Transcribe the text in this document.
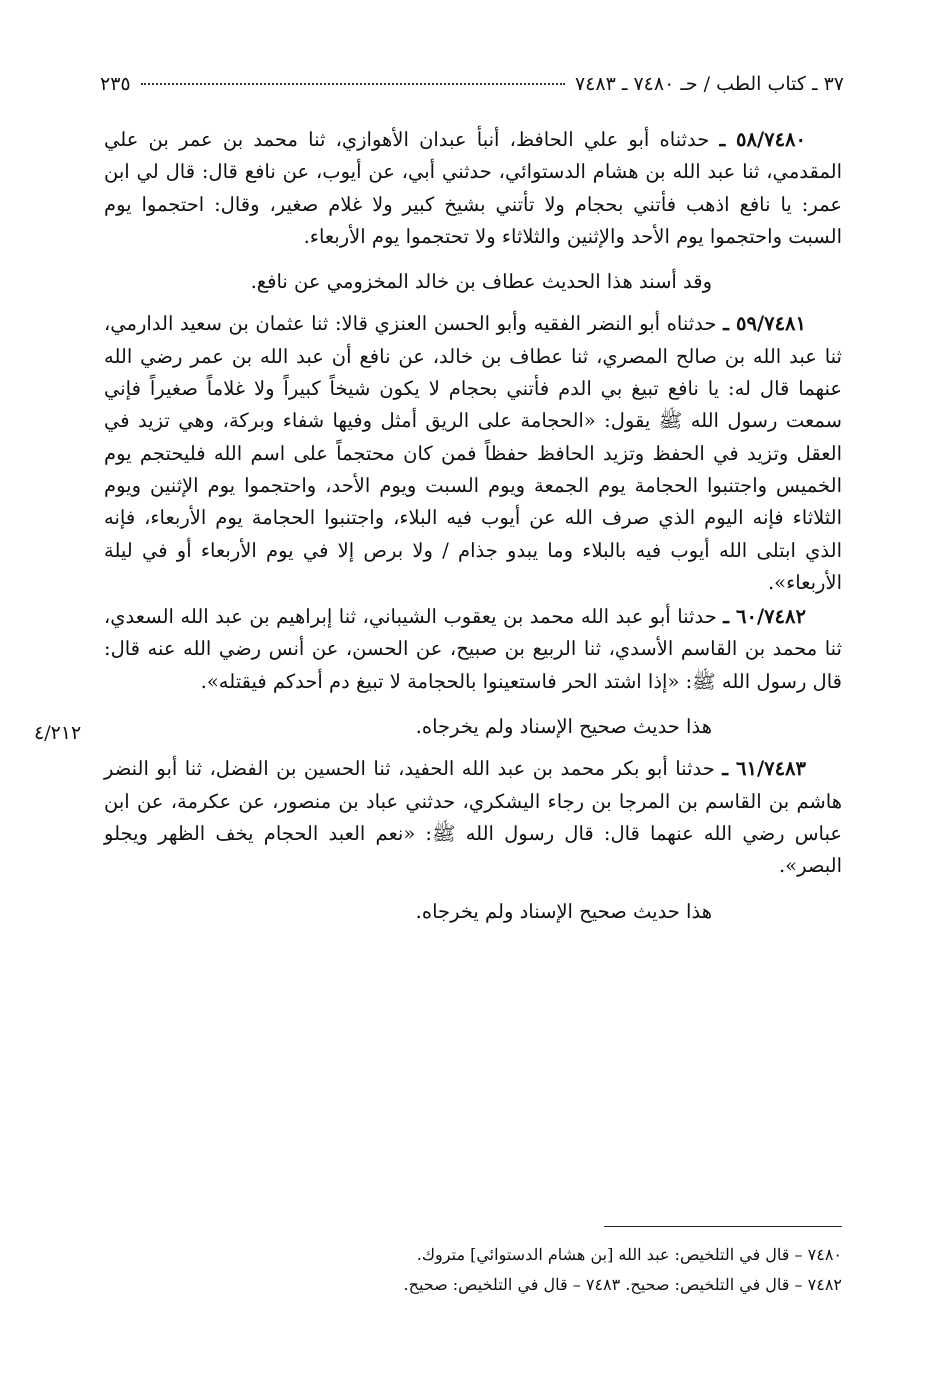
٣٧ ـ كتاب الطب / حـ ٧٤٨٠ ـ ٧٤٨٣
٢٣٥

٥٨/٧٤٨٠ ـ حدثناه أبو علي الحافظ، أنبأ عبدان الأهوازي، ثنا محمد بن عمر بن علي المقدمي، ثنا عبد الله بن هشام الدستوائي، حدثني أبي، عن أيوب، عن نافع قال: قال لي ابن عمر: يا نافع اذهب فأتني بحجام ولا تأتني بشيخ كبير ولا غلام صغير، وقال: احتجموا يوم السبت واحتجموا يوم الأحد والإثنين والثلاثاء ولا تحتجموا يوم الأربعاء.

وقد أسند هذا الحديث عطاف بن خالد المخزومي عن نافع.

٥٩/٧٤٨١ ـ حدثناه أبو النضر الفقيه وأبو الحسن العنزي قالا: ثنا عثمان بن سعيد الدارمي، ثنا عبد الله بن صالح المصري، ثنا عطاف بن خالد، عن نافع أن عبد الله بن عمر رضي الله عنهما قال له: يا نافع تبيغ بي الدم فأتني بحجام لا يكون شيخاً كبيراً ولا غلاماً صغيراً فإني سمعت رسول الله ﷺ يقول: «الحجامة على الريق أمثل وفيها شفاء وبركة، وهي تزيد في العقل وتزيد في الحفظ وتزيد الحافظ حفظاً فمن كان محتجماً على اسم الله فليحتجم يوم الخميس واجتنبوا الحجامة يوم الجمعة ويوم السبت ويوم الأحد، واحتجموا يوم الإثنين ويوم الثلاثاء فإنه اليوم الذي صرف الله عن أيوب فيه البلاء، واجتنبوا الحجامة يوم الأربعاء، فإنه الذي ابتلى الله أيوب فيه بالبلاء وما يبدو جذام / ولا برص إلا في يوم الأربعاء أو في ليلة الأربعاء».

٦٠/٧٤٨٢ ـ حدثنا أبو عبد الله محمد بن يعقوب الشيباني، ثنا إبراهيم بن عبد الله السعدي، ثنا محمد بن القاسم الأسدي، ثنا الربيع بن صبيح، عن الحسن، عن أنس رضي الله عنه قال: قال رسول الله ﷺ: «إذا اشتد الحر فاستعينوا بالحجامة لا تبيغ دم أحدكم فيقتله».

هذا حديث صحيح الإسناد ولم يخرجاه.

٦١/٧٤٨٣ ـ حدثنا أبو بكر محمد بن عبد الله الحفيد، ثنا الحسين بن الفضل، ثنا أبو النضر هاشم بن القاسم بن المرجا بن رجاء اليشكري، حدثني عباد بن منصور، عن عكرمة، عن ابن عباس رضي الله عنهما قال: قال رسول الله ﷺ: «نعم العبد الحجام يخف الظهر ويجلو البصر».

هذا حديث صحيح الإسناد ولم يخرجاه.

٤/٢١٢

٧٤٨٠ – قال في التلخيص: عبد الله [بن هشام الدستوائي] متروك.

٧٤٨٢ – قال في التلخيص: صحيح. ٧٤٨٣ – قال في التلخيص: صحيح.
